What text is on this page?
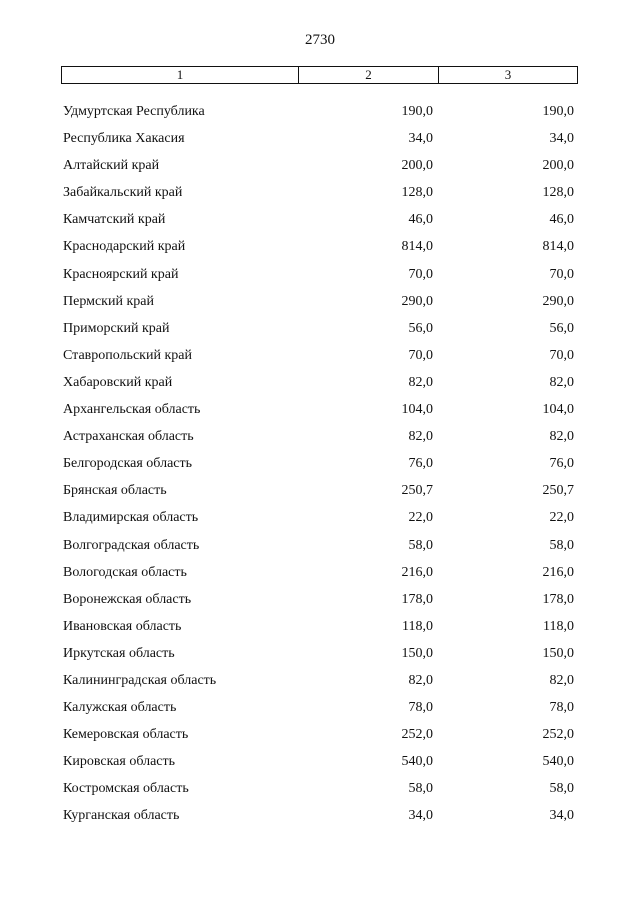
2730
1	2	3
Удмуртская Республика	190,0	190,0
Республика Хакасия	34,0	34,0
Алтайский край	200,0	200,0
Забайкальский край	128,0	128,0
Камчатский край	46,0	46,0
Краснодарский край	814,0	814,0
Красноярский край	70,0	70,0
Пермский край	290,0	290,0
Приморский край	56,0	56,0
Ставропольский край	70,0	70,0
Хабаровский край	82,0	82,0
Архангельская область	104,0	104,0
Астраханская область	82,0	82,0
Белгородская область	76,0	76,0
Брянская область	250,7	250,7
Владимирская область	22,0	22,0
Волгоградская область	58,0	58,0
Вологодская область	216,0	216,0
Воронежская область	178,0	178,0
Ивановская область	118,0	118,0
Иркутская область	150,0	150,0
Калининградская область	82,0	82,0
Калужская область	78,0	78,0
Кемеровская область	252,0	252,0
Кировская область	540,0	540,0
Костромская область	58,0	58,0
Курганская область	34,0	34,0
